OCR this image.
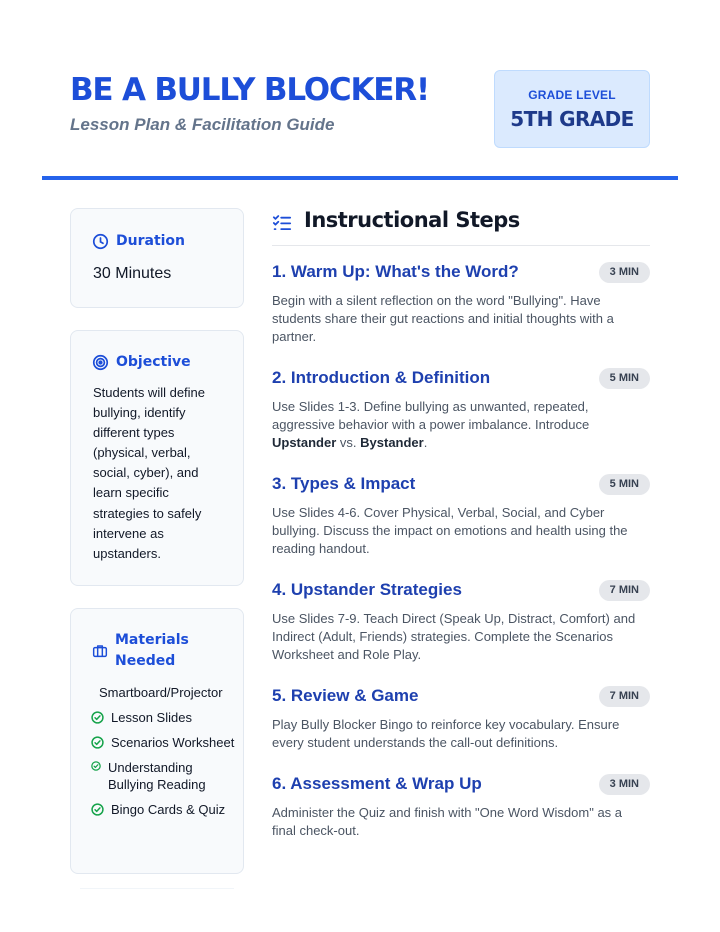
BE A BULLY BLOCKER!
Lesson Plan & Facilitation Guide
GRADE LEVEL
5TH GRADE
Duration
30 Minutes
Objective

Students will define bullying, identify different types (physical, verbal, social, cyber), and learn specific strategies to safely intervene as upstanders.

Materials Needed
Smartboard/Projector
Lesson Slides
Scenarios Worksheet
Understanding Bullying Reading
Bingo Cards & Quiz
Instructional Steps
1. Warm Up: What's the Word?	3 MIN

Begin with a silent reflection on the word "Bullying". Have students share their gut reactions and initial thoughts with a partner.

2. Introduction & Definition	5 MIN

Use Slides 1-3. Define bullying as unwanted, repeated, aggressive behavior with a power imbalance. Introduce Upstander vs. Bystander.

3. Types & Impact	5 MIN

Use Slides 4-6. Cover Physical, Verbal, Social, and Cyber bullying. Discuss the impact on emotions and health using the reading handout.

4. Upstander Strategies	7 MIN

Use Slides 7-9. Teach Direct (Speak Up, Distract, Comfort) and Indirect (Adult, Friends) strategies. Complete the Scenarios Worksheet and Role Play.

5. Review & Game	7 MIN

Play Bully Blocker Bingo to reinforce key vocabulary. Ensure every student understands the call-out definitions.

6. Assessment & Wrap Up	3 MIN

Administer the Quiz and finish with "One Word Wisdom" as a final check-out.
